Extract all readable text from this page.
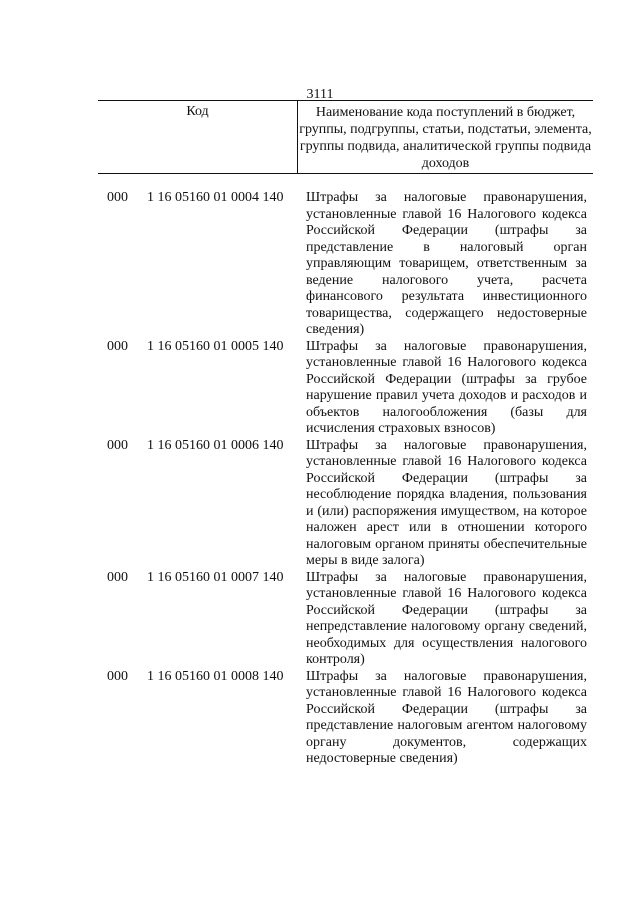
3111
Код	Наименование кода поступлений в бюджет, группы, подгруппы, статьи, подстатьи, элемента, группы подвида, аналитической группы подвида доходов
000 1 16 05160 01 0004 140 Штрафы за налоговые правонарушения, установленные главой 16 Налогового кодекса Российской Федерации (штрафы за представление в налоговый орган управляющим товарищем, ответственным за ведение налогового учета, расчета финансового результата инвестиционного товарищества, содержащего недостоверные сведения)
000 1 16 05160 01 0005 140 Штрафы за налоговые правонарушения, установленные главой 16 Налогового кодекса Российской Федерации (штрафы за грубое нарушение правил учета доходов и расходов и объектов налогообложения (базы для исчисления страховых взносов)
000 1 16 05160 01 0006 140 Штрафы за налоговые правонарушения, установленные главой 16 Налогового кодекса Российской Федерации (штрафы за несоблюдение порядка владения, пользования и (или) распоряжения имуществом, на которое наложен арест или в отношении которого налоговым органом приняты обеспечительные меры в виде залога)
000 1 16 05160 01 0007 140 Штрафы за налоговые правонарушения, установленные главой 16 Налогового кодекса Российской Федерации (штрафы за непредставление налоговому органу сведений, необходимых для осуществления налогового контроля)
000 1 16 05160 01 0008 140 Штрафы за налоговые правонарушения, установленные главой 16 Налогового кодекса Российской Федерации (штрафы за представление налоговым агентом налоговому органу документов, содержащих недостоверные сведения)
